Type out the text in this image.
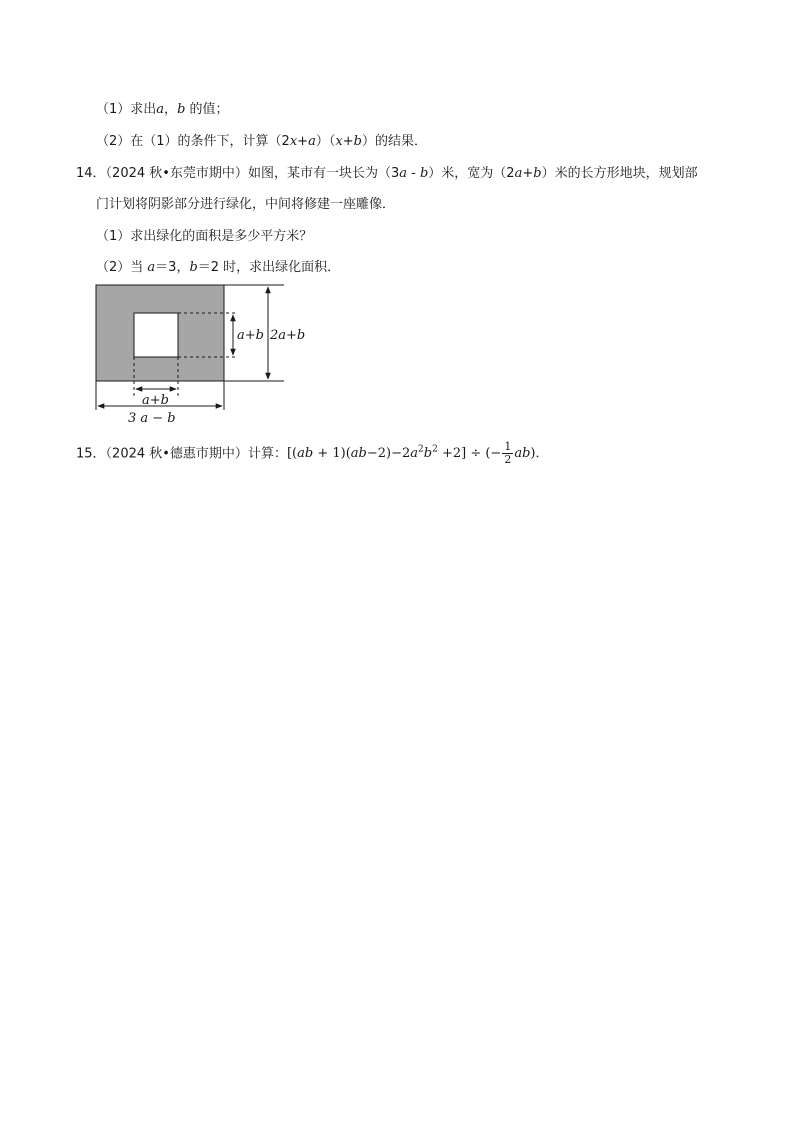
（1）求出a，b 的值；
（2）在（1）的条件下，计算（2x+a）（x+b）的结果．
14．（2024 秋•东莞市期中）如图，某市有一块长为（3a - b）米，宽为（2a+b）米的长方形地块，规划部
门计划将阴影部分进行绿化，中间将修建一座雕像．
（1）求出绿化的面积是多少平方米？
（2）当 a＝3，b＝2 时，求出绿化面积．
a+b 2a+b
a+b
3 a − b
15．（2024 秋•德惠市期中）计算：$[(ab + 1)(ab-2)-2a^2b^2 +2]$ ÷ (− $\frac{1}{2} ab$)．
